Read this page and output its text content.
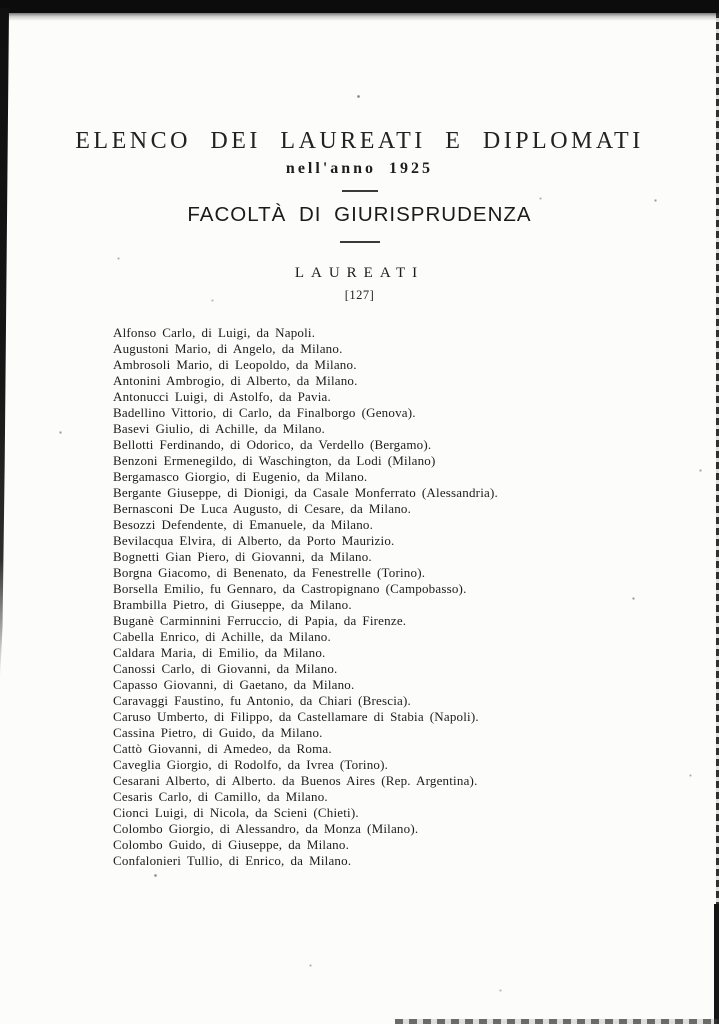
ELENCO DEI LAUREATI E DIPLOMATI
nell'anno 1925
FACOLTÀ DI GIURISPRUDENZA
LAUREATI
[127]
Alfonso Carlo, di Luigi, da Napoli.
Augustoni Mario, di Angelo, da Milano.
Ambrosoli Mario, di Leopoldo, da Milano.
Antonini Ambrogio, di Alberto, da Milano.
Antonucci Luigi, di Astolfo, da Pavia.
Badellino Vittorio, di Carlo, da Finalborgo (Genova).
Basevi Giulio, di Achille, da Milano.
Bellotti Ferdinando, di Odorico, da Verdello (Bergamo).
Benzoni Ermenegildo, di Waschington, da Lodi (Milano)
Bergamasco Giorgio, di Eugenio, da Milano.
Bergante Giuseppe, di Dionigi, da Casale Monferrato (Alessandria).
Bernasconi De Luca Augusto, di Cesare, da Milano.
Besozzi Defendente, di Emanuele, da Milano.
Bevilacqua Elvira, di Alberto, da Porto Maurizio.
Bognetti Gian Piero, di Giovanni, da Milano.
Borgna Giacomo, di Benenato, da Fenestrelle (Torino).
Borsella Emilio, fu Gennaro, da Castropignano (Campobasso).
Brambilla Pietro, di Giuseppe, da Milano.
Buganè Carminnini Ferruccio, di Papia, da Firenze.
Cabella Enrico, di Achille, da Milano.
Caldara Maria, di Emilio, da Milano.
Canossi Carlo, di Giovanni, da Milano.
Capasso Giovanni, di Gaetano, da Milano.
Caravaggi Faustino, fu Antonio, da Chiari (Brescia).
Caruso Umberto, di Filippo, da Castellamare di Stabia (Napoli).
Cassina Pietro, di Guido, da Milano.
Cattò Giovanni, di Amedeo, da Roma.
Caveglia Giorgio, di Rodolfo, da Ivrea (Torino).
Cesarani Alberto, di Alberto. da Buenos Aires (Rep. Argentina).
Cesaris Carlo, di Camillo, da Milano.
Cionci Luigi, di Nicola, da Scieni (Chieti).
Colombo Giorgio, di Alessandro, da Monza (Milano).
Colombo Guido, di Giuseppe, da Milano.
Confalonieri Tullio, di Enrico, da Milano.
